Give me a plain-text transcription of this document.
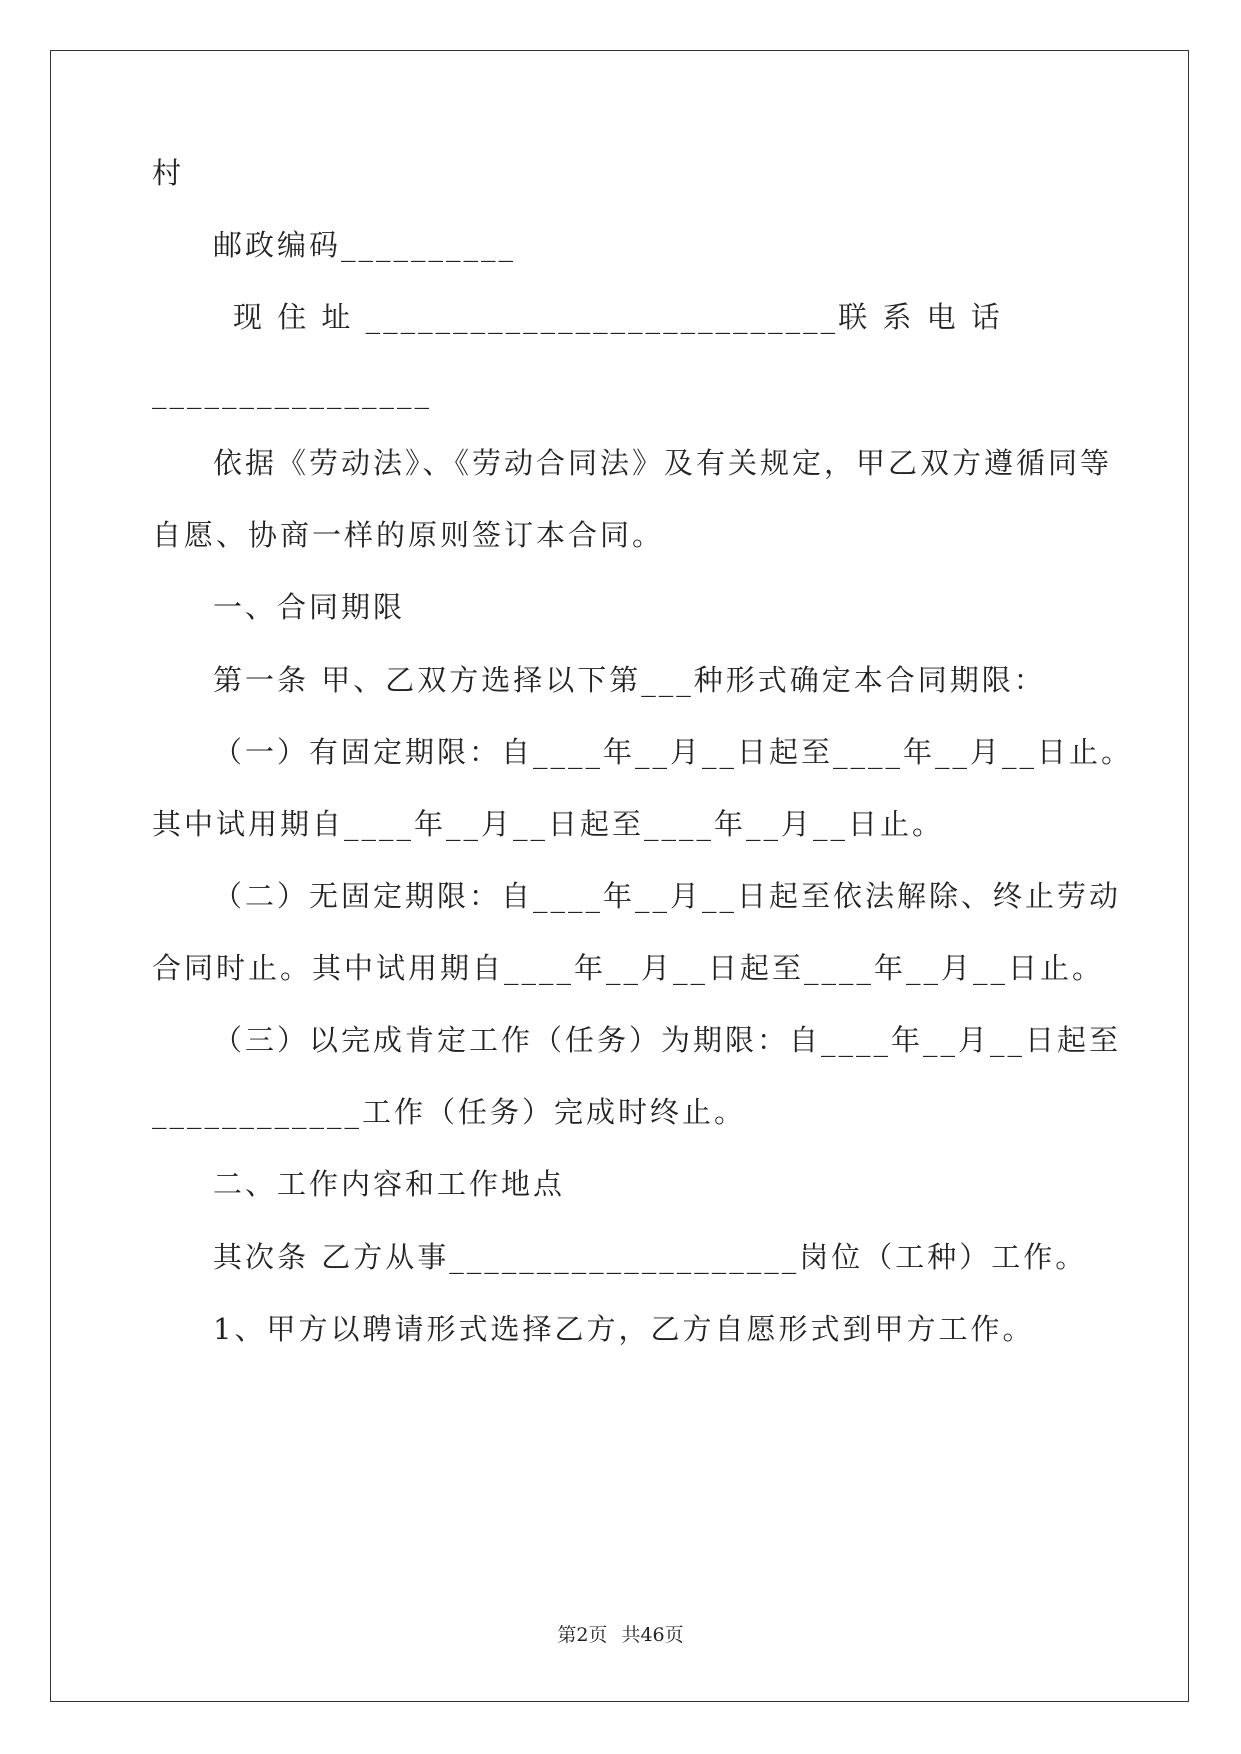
村
邮政编码__________
现 住 址 ___________________________ 联 系 电 话
________________
依据《劳动法》、《劳动合同法》及有关规定，甲乙双方遵循同等
自愿、协商一样的原则签订本合同。
一、合同期限
第一条 甲、乙双方选择以下第___种形式确定本合同期限：
（一）有固定期限：自____年__月__日起至____年__月__日止。
其中试用期自____年__月__日起至____年__月__日止。
（二）无固定期限：自____年__月__日起至依法解除、终止劳动
合同时止。其中试用期自____年__月__日起至____年__月__日止。
（三）以完成肯定工作（任务）为期限：自____年__月__日起至
____________工作（任务）完成时终止。
二、工作内容和工作地点
其次条 乙方从事____________________岗位（工种）工作。
1、甲方以聘请形式选择乙方，乙方自愿形式到甲方工作。
第2页 共46页
